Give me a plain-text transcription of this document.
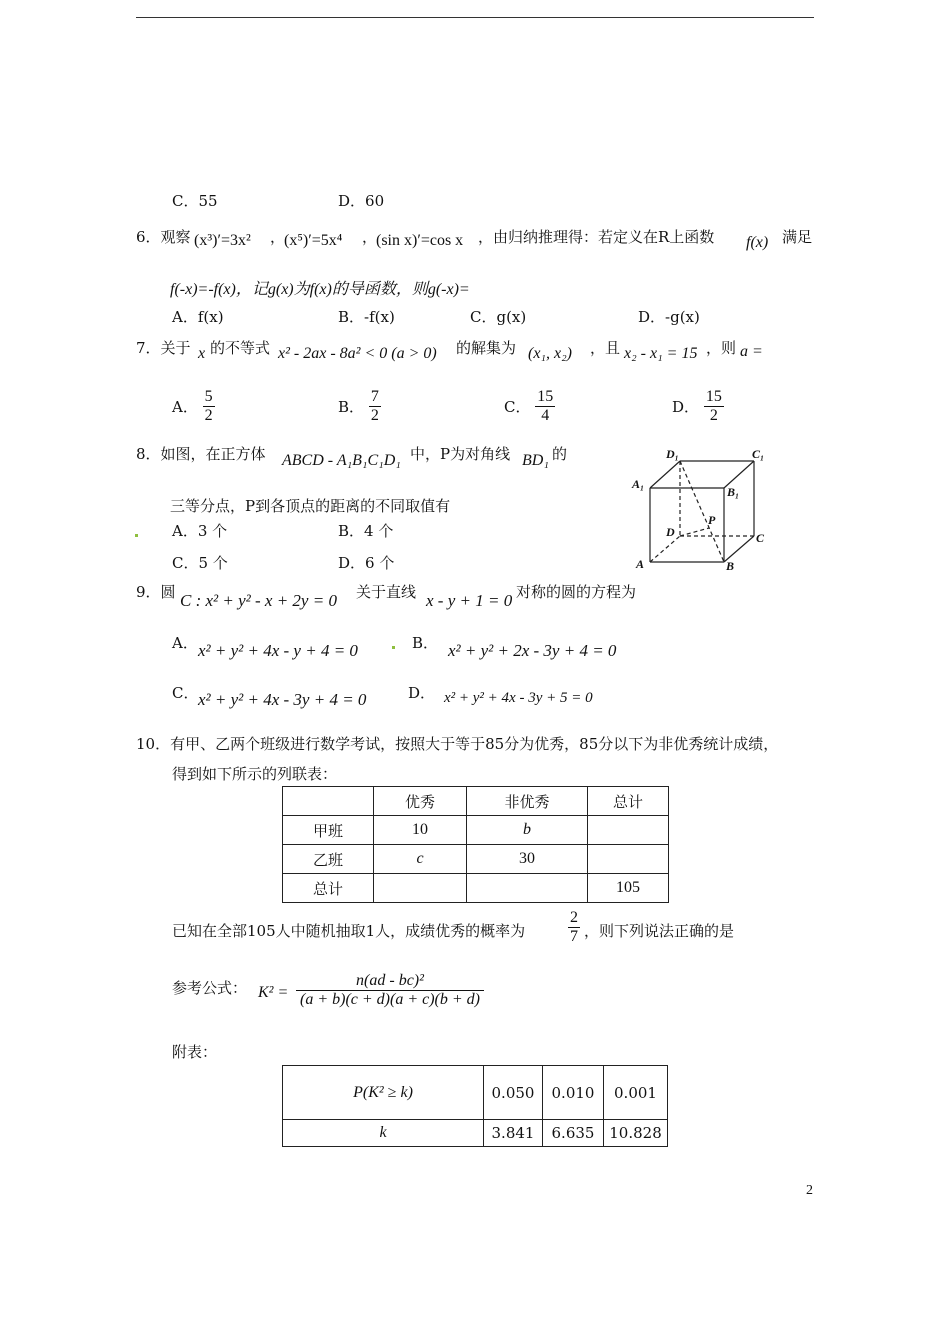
C．55	D．60
6．观察 (x³)′=3x² ，
(x⁵)′=5x⁴ ，
(sin x)′=cos x ，由归纳推理得：若定义在R上函数 f(x) 满足
f(-x)=-f(x)，记g(x)为f(x)的导函数，则g(-x)=
A．f(x)	B．-f(x)	C．g(x)	D．-g(x)
7．关于 x 的不等式 x² - 2ax - 8a² < 0 (a > 0) 的解集为 (x₁, x₂) ，且 x₂ - x₁ = 15 ，则 a =
A． $\frac{5}{2}$	B． $\frac{7}{2}$	C． $\frac{15}{4}$	D． $\frac{15}{2}$
8．如图，在正方体 ABCD - A₁B₁C₁D₁ 中，P为对角线 BD₁ 的
三等分点，P到各顶点的距离的不同取值有
A．3 个	B．4 个
C．5 个	D．6 个
D₁	C₁
A₁
B₁
P
D	C
A	B
9．圆 C : x² + y² - x + 2y = 0 关于直线 x - y + 1 = 0 对称的圆的方程为
A． x² + y² + 4x - y + 4 = 0	B． x² + y² + 2x - 3y + 4 = 0
C． x² + y² + 4x - 3y + 4 = 0	D． x² + y² + 4x - 3y + 5 = 0
10．有甲、乙两个班级进行数学考试，按照大于等于85分为优秀，85分以下为非优秀统计成绩，
得到如下所示的列联表：
	优秀	非优秀	总计
甲班	10	b	
乙班	c	30	
总计			105
已知在全部105人中随机抽取1人，成绩优秀的概率为	$\frac{2}{7}$ ，则下列说法正确的是
参考公式： $K^2 = \frac{\text{n(ad - bc)²}}{(a + b)(c + d)(a + c)(b + d)}$
附表：
P(K² ≥ k)	0.050	0.010	0.001
k	3.841	6.635	10.828
2
